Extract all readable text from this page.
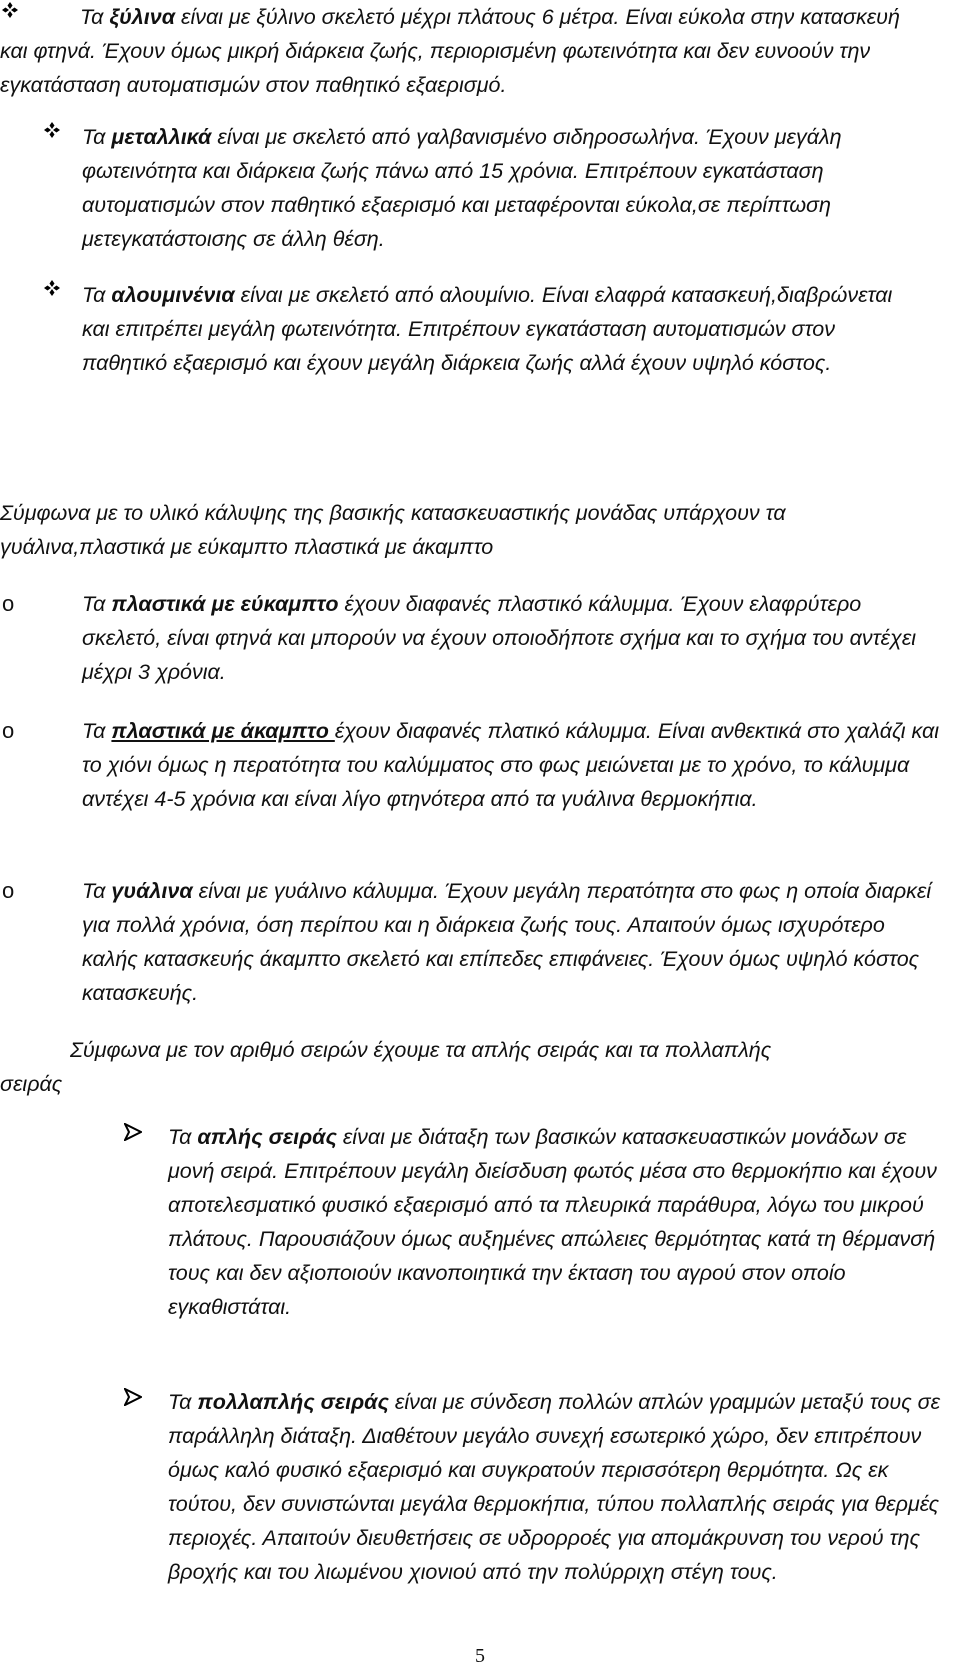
Τα ξύλινα είναι με ξύλινο σκελετό μέχρι πλάτους 6 μέτρα. Είναι εύκολα στην κατασκευή και φτηνά. Έχουν όμως μικρή διάρκεια ζωής, περιορισμένη φωτεινότητα και δεν ευνοούν την εγκατάσταση αυτοματισμών στον παθητικό εξαερισμό.
Τα μεταλλικά είναι με σκελετό από γαλβανισμένο σιδηροσωλήνα. Έχουν μεγάλη φωτεινότητα και διάρκεια ζωής πάνω από 15 χρόνια. Επιτρέπουν εγκατάσταση αυτοματισμών στον παθητικό εξαερισμό και μεταφέρονται εύκολα,σε περίπτωση μετεγκατάστοισης σε άλλη θέση.
Τα αλουμινένια είναι με σκελετό από αλουμίνιο. Είναι ελαφρά κατασκευή,διαβρώνεται και επιτρέπει μεγάλη φωτεινότητα. Επιτρέπουν εγκατάσταση αυτοματισμών στον παθητικό εξαερισμό και έχουν μεγάλη διάρκεια ζωής αλλά έχουν υψηλό κόστος.
Σύμφωνα με το υλικό κάλυψης της βασικής κατασκευαστικής μονάδας υπάρχουν τα γυάλινα,πλαστικά με εύκαμπτο πλαστικά με άκαμπτο
o	Τα πλαστικά με εύκαμπτο έχουν διαφανές πλαστικό κάλυμμα. Έχουν ελαφρύτερο σκελετό, είναι φτηνά και μπορούν να έχουν οποιοδήποτε σχήμα και το σχήμα του αντέχει μέχρι 3 χρόνια.
o	Τα πλαστικά με άκαμπτο έχουν διαφανές πλατικό κάλυμμα. Είναι ανθεκτικά στο χαλάζι και το χιόνι όμως η περατότητα του καλύμματος στο φως μειώνεται με το χρόνο, το κάλυμμα αντέχει 4-5 χρόνια και είναι λίγο φτηνότερα από τα γυάλινα θερμοκήπια.
o	Τα γυάλινα είναι με γυάλινο κάλυμμα. Έχουν μεγάλη περατότητα στο φως η οποία διαρκεί για πολλά χρόνια, όση περίπου και η διάρκεια ζωής τους. Απαιτούν όμως ισχυρότερο καλής κατασκευής άκαμπτο σκελετό και επίπεδες επιφάνειες. Έχουν όμως υψηλό κόστος κατασκευής.
Σύμφωνα με τον αριθμό σειρών έχουμε τα απλής σειράς και τα πολλαπλής
σειράς
Τα απλής σειράς είναι με διάταξη των βασικών κατασκευαστικών μονάδων σε μονή σειρά. Επιτρέπουν μεγάλη διείσδυση φωτός μέσα στο θερμοκήπιο και έχουν αποτελεσματικό φυσικό εξαερισμό από τα πλευρικά παράθυρα, λόγω του μικρού πλάτους. Παρουσιάζουν όμως αυξημένες απώλειες θερμότητας κατά τη θέρμανσή τους και δεν αξιοποιούν ικανοποιητικά την έκταση του αγρού στον οποίο εγκαθιστάται.
Τα πολλαπλής σειράς είναι με σύνδεση πολλών απλών γραμμών μεταξύ τους σε παράλληλη διάταξη. Διαθέτουν μεγάλο συνεχή εσωτερικό χώρο, δεν επιτρέπουν όμως καλό φυσικό εξαερισμό και συγκρατούν περισσότερη θερμότητα. Ως εκ τούτου, δεν συνιστώνται μεγάλα θερμοκήπια, τύπου πολλαπλής σειράς για θερμές περιοχές. Απαιτούν διευθετήσεις σε υδρορροές για απομάκρυνση του νερού της βροχής και του λιωμένου χιονιού από την πολύρριχη στέγη τους.
5
